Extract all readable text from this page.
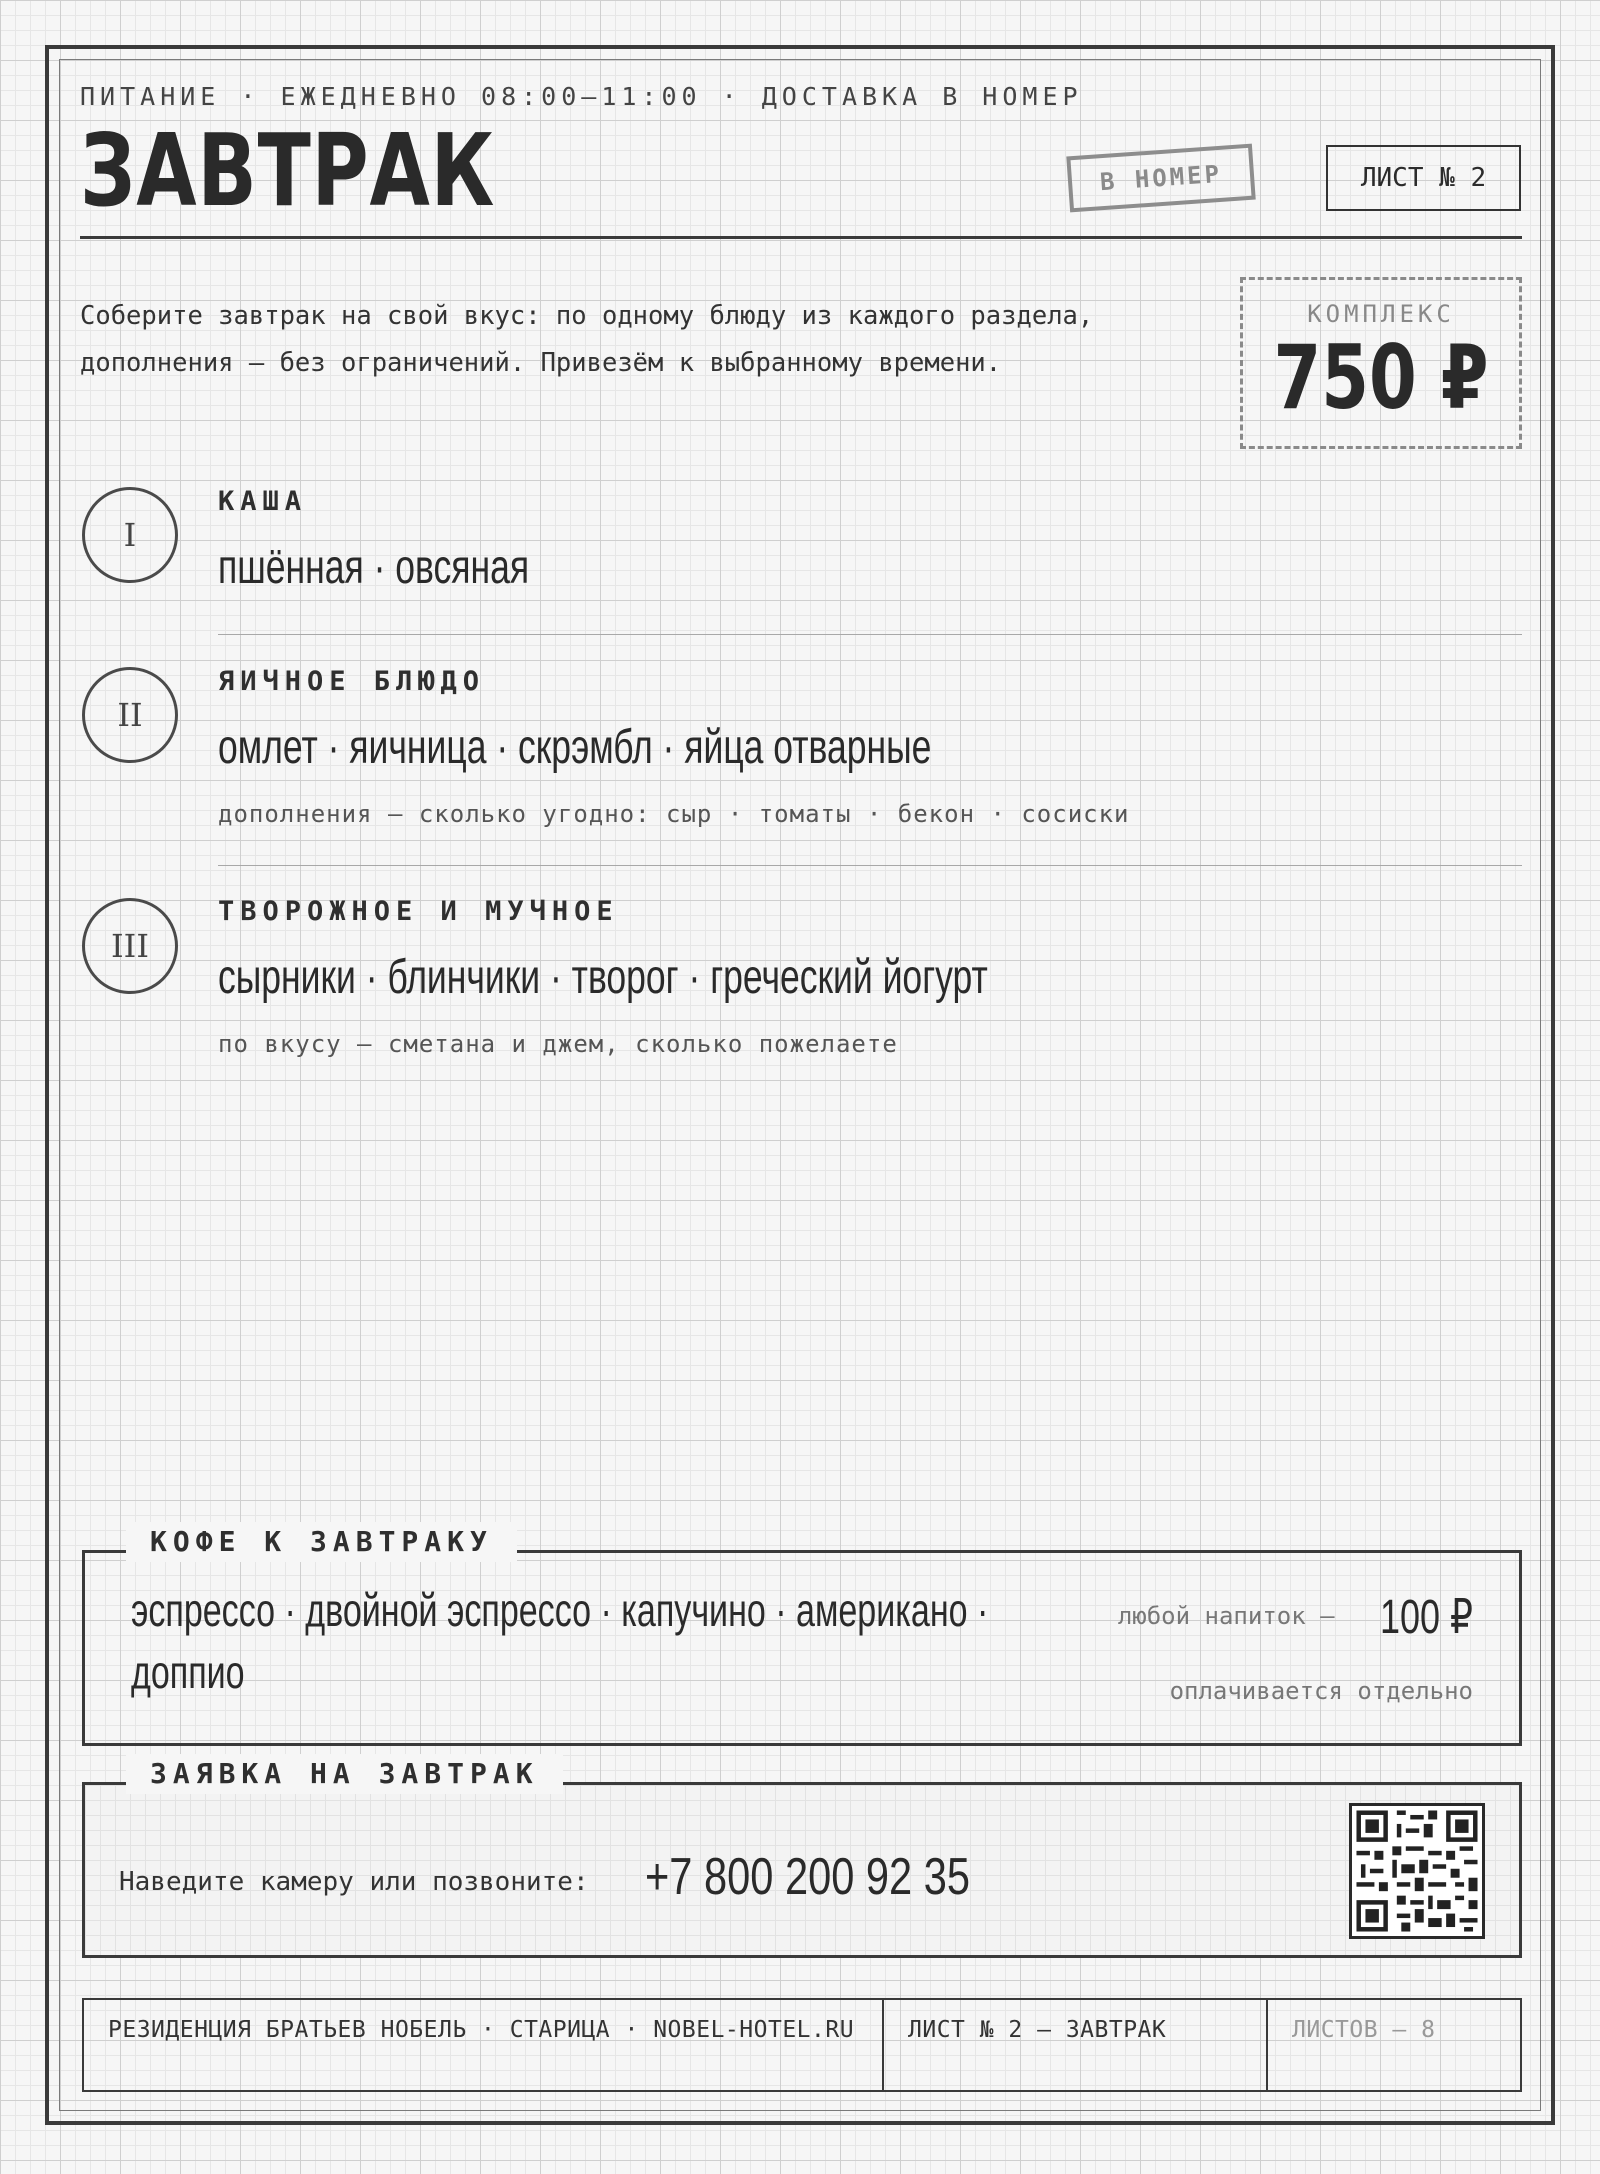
ПИТАНИЕ · ЕЖЕДНЕВНО 08:00–11:00 · ДОСТАВКА В НОМЕР
ЗАВТРАК	В НОМЕР	ЛИСТ № 2
Соберите завтрак на свой вкус: по одному блюду из каждого раздела, дополнения — без ограничений. Привезём к выбранному времени.
КОМПЛЕКС
750 ₽
I
КАША
пшённая · овсяная
II
ЯИЧНОЕ БЛЮДО
омлет · яичница · скрэмбл · яйца отварные
дополнения — сколько угодно: сыр · томаты · бекон · сосиски
III
ТВОРОЖНОЕ И МУЧНОЕ
сырники · блинчики · творог · греческий йогурт
по вкусу — сметана и джем, сколько пожелаете
эспрессо · двойной эспрессо · капучино · американо ·
доппио
любой напиток — 100 ₽
оплачивается отдельно
КОФЕ К ЗАВТРАКУ
Наведите камеру или позвоните: +7 800 200 92 35
ЗАЯВКА НА ЗАВТРАК
РЕЗИДЕНЦИЯ БРАТЬЕВ НОБЕЛЬ · СТАРИЦА · NOBEL-HOTEL.RU	ЛИСТ № 2 — ЗАВТРАК	ЛИСТОВ — 8
